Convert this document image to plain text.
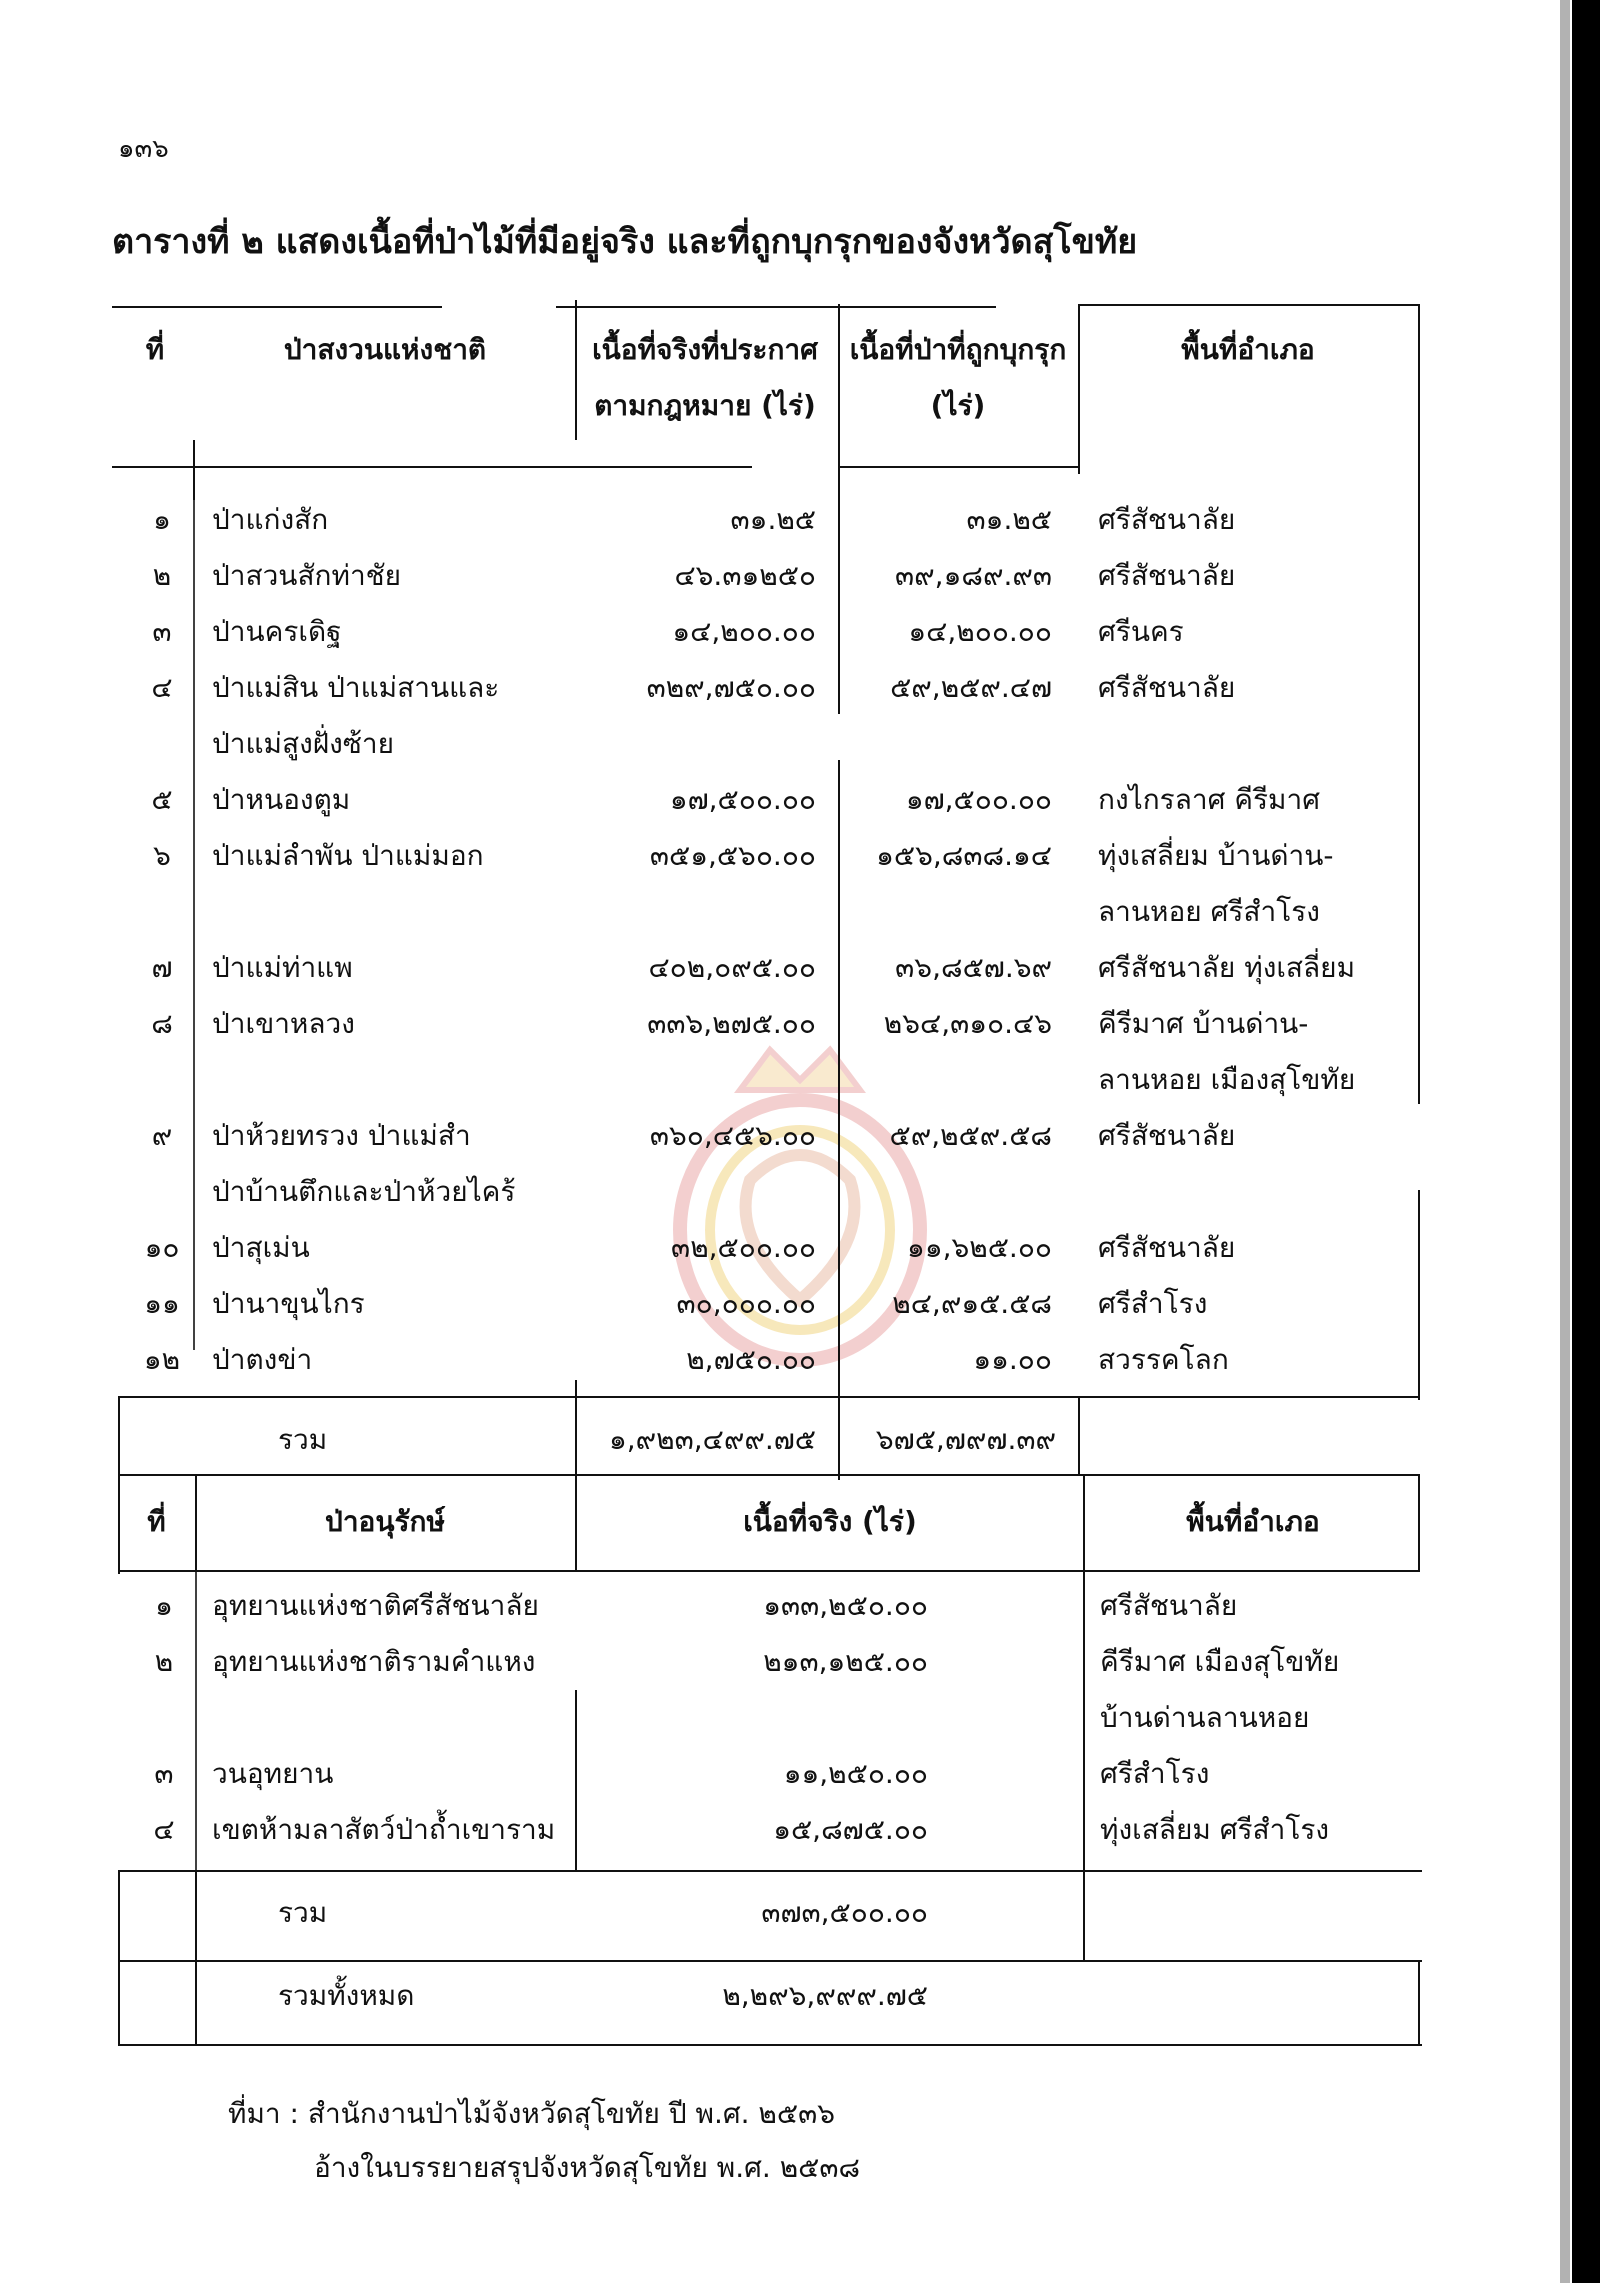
๑๓๖
ตารางที่ ๒ แสดงเนื้อที่ป่าไม้ที่มีอยู่จริง และที่ถูกบุกรุกของจังหวัดสุโขทัย
ที่	ป่าสงวนแห่งชาติ	เนื้อที่จริงที่ประกาศ
ตามกฎหมาย (ไร่)
เนื้อที่ป่าที่ถูกบุกรุก
(ไร่)
พื้นที่อำเภอ
๑	ป่าแก่งสัก	๓๑.๒๕	๓๑.๒๕ ศรีสัชนาลัย
๒	ป่าสวนสักท่าชัย	๔๖.๓๑๒๕๐	๓๙,๑๘๙.๙๓ ศรีสัชนาลัย
๓	ป่านครเดิฐ	๑๔,๒๐๐.๐๐	๑๔,๒๐๐.๐๐ ศรีนคร
๔	ป่าแม่สิน ป่าแม่สานและ	๓๒๙,๗๕๐.๐๐	๕๙,๒๕๙.๔๗ ศรีสัชนาลัย
ป่าแม่สูงฝั่งซ้าย
๕	ป่าหนองตูม	๑๗,๕๐๐.๐๐	๑๗,๕๐๐.๐๐ กงไกรลาศ คีรีมาศ
๖	ป่าแม่ลำพัน ป่าแม่มอก	๓๕๑,๕๖๐.๐๐	๑๕๖,๘๓๘.๑๔ ทุ่งเสลี่ยม บ้านด่าน-
ลานหอย ศรีสำโรง
๗	ป่าแม่ท่าแพ	๔๐๒,๐๙๕.๐๐	๓๖,๘๕๗.๖๙ ศรีสัชนาลัย ทุ่งเสลี่ยม
๘	ป่าเขาหลวง	๓๓๖,๒๗๕.๐๐	๒๖๔,๓๑๐.๔๖ คีรีมาศ บ้านด่าน-
ลานหอย เมืองสุโขทัย
๙	ป่าห้วยทรวง ป่าแม่สำ	๓๖๐,๔๕๖.๐๐	๕๙,๒๕๙.๕๘ ศรีสัชนาลัย
ป่าบ้านตึกและป่าห้วยไคร้
๑๐	ป่าสุเม่น	๓๒,๕๐๐.๐๐	๑๑,๖๒๕.๐๐ ศรีสัชนาลัย
๑๑	ป่านาขุนไกร	๓๐,๐๐๐.๐๐	๒๔,๙๑๕.๕๘ ศรีสำโรง
๑๒	ป่าตงข่า	๒,๗๕๐.๐๐	๑๑.๐๐ สวรรคโลก
รวม	๑,๙๒๓,๔๙๙.๗๕	๖๗๕,๗๙๗.๓๙
ที่	ป่าอนุรักษ์	เนื้อที่จริง (ไร่)	พื้นที่อำเภอ
๑	อุทยานแห่งชาติศรีสัชนาลัย	๑๓๓,๒๕๐.๐๐	ศรีสัชนาลัย
๒	อุทยานแห่งชาติรามคำแหง	๒๑๓,๑๒๕.๐๐	คีรีมาศ เมืองสุโขทัย
บ้านด่านลานหอย
๓	วนอุทยาน	๑๑,๒๕๐.๐๐	ศรีสำโรง
๔	เขตห้ามลาสัตว์ป่าถ้ำเขาราม	๑๕,๘๗๕.๐๐	ทุ่งเสลี่ยม ศรีสำโรง
รวม	๓๗๓,๕๐๐.๐๐
รวมทั้งหมด	๒,๒๙๖,๙๙๙.๗๕
ที่มา : สำนักงานป่าไม้จังหวัดสุโขทัย ปี พ.ศ. ๒๕๓๖
อ้างในบรรยายสรุปจังหวัดสุโขทัย พ.ศ. ๒๕๓๘
